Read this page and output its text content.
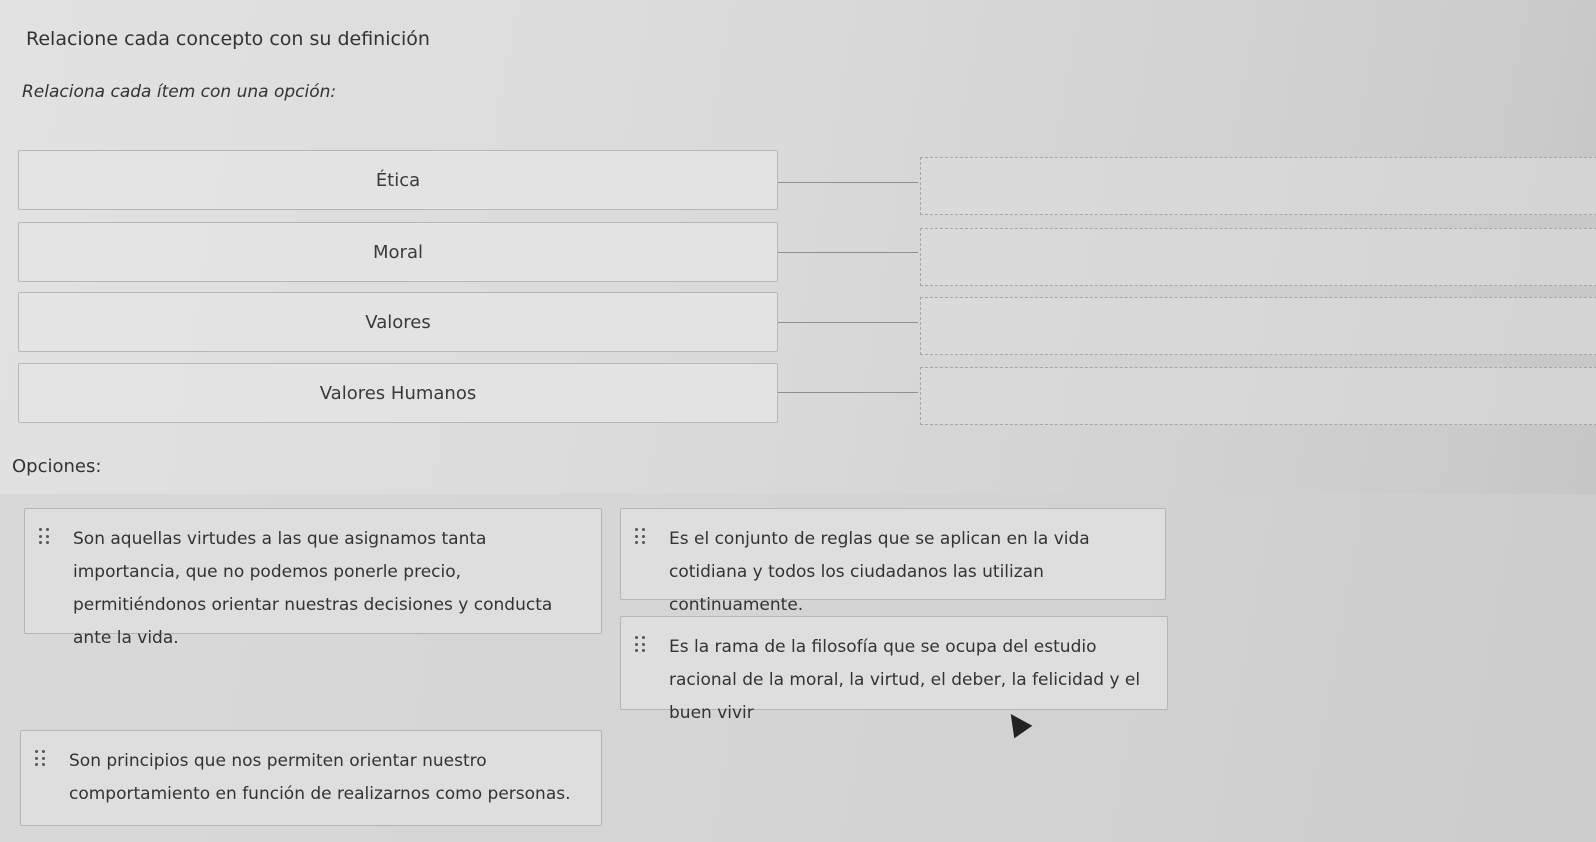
Relacione cada concepto con su definición
Relaciona cada ítem con una opción:
Ética
Moral
Valores
Valores Humanos
Opciones:
Son aquellas virtudes a las que asignamos tanta importancia, que no podemos ponerle precio, permitiéndonos orientar nuestras decisiones y conducta ante la vida.
Es el conjunto de reglas que se aplican en la vida cotidiana y todos los ciudadanos las utilizan continuamente.
Es la rama de la filosofía que se ocupa del estudio racional de la moral, la virtud, el deber, la felicidad y el buen vivir
Son principios que nos permiten orientar nuestro comportamiento en función de realizarnos como personas.
